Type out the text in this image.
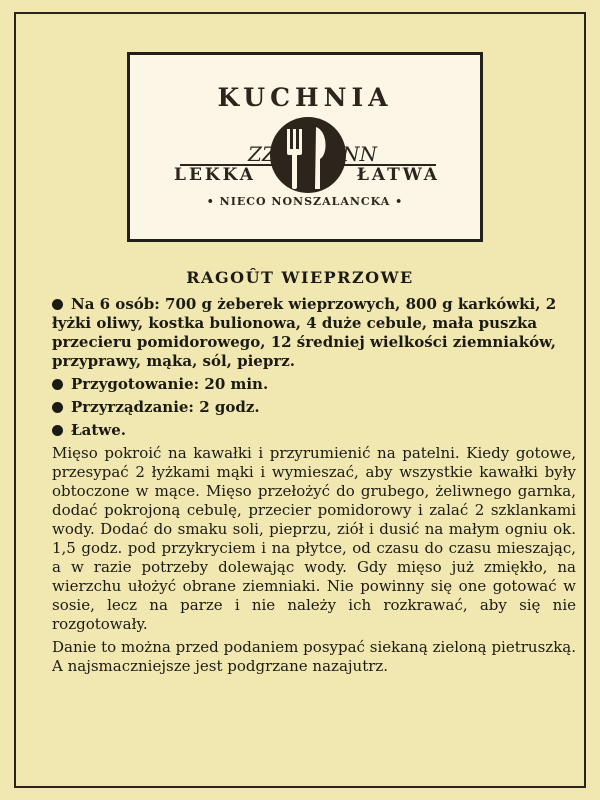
KUCHNIA
ZZ	NN
LEKKA	ŁATWA
• NIECO NONSZALANCKA •
RAGOÛT WIEPRZOWE

Na 6 osób: 700 g żeberek wieprzowych, 800 g karkówki, 2 łyżki oliwy, kostka bulionowa, 4 duże cebule, mała puszka przecieru pomidorowego, 12 średniej wielkości ziemniaków, przyprawy, mąka, sól, pieprz.

Przygotowanie: 20 min.

Przyrządzanie: 2 godz.

Łatwe.

Mięso pokroić na kawałki i przyrumienić na patelni. Kiedy gotowe, przesypać 2 łyżkami mąki i wymieszać, aby wszystkie kawałki były obtoczone w mące. Mięso przełożyć do grubego, żeliwnego garnka, dodać pokrojoną cebulę, przecier pomidorowy i zalać 2 szklankami wody. Dodać do smaku soli, pieprzu, ziół i dusić na małym ogniu ok. 1,5 godz. pod przykryciem i na płytce, od czasu do czasu mieszając, a w razie potrzeby dolewając wody. Gdy mięso już zmiękło, na wierzchu ułożyć obrane ziemniaki. Nie powinny się one gotować w sosie, lecz na parze i nie należy ich rozkrawać, aby się nie rozgotowały.

Danie to można przed podaniem posypać siekaną zieloną pietruszką. A najsmaczniejsze jest podgrzane nazajutrz.
